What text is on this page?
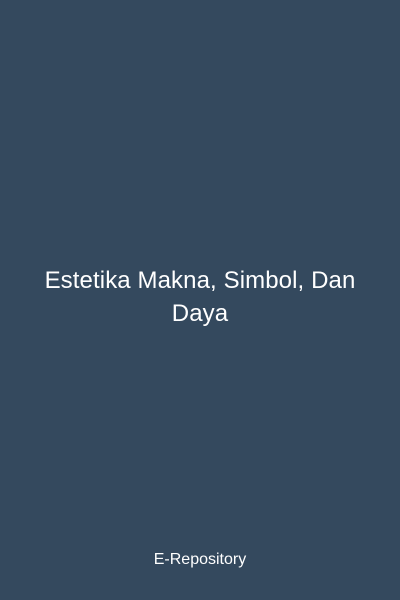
Estetika Makna, Simbol, Dan Daya
E-Repository
